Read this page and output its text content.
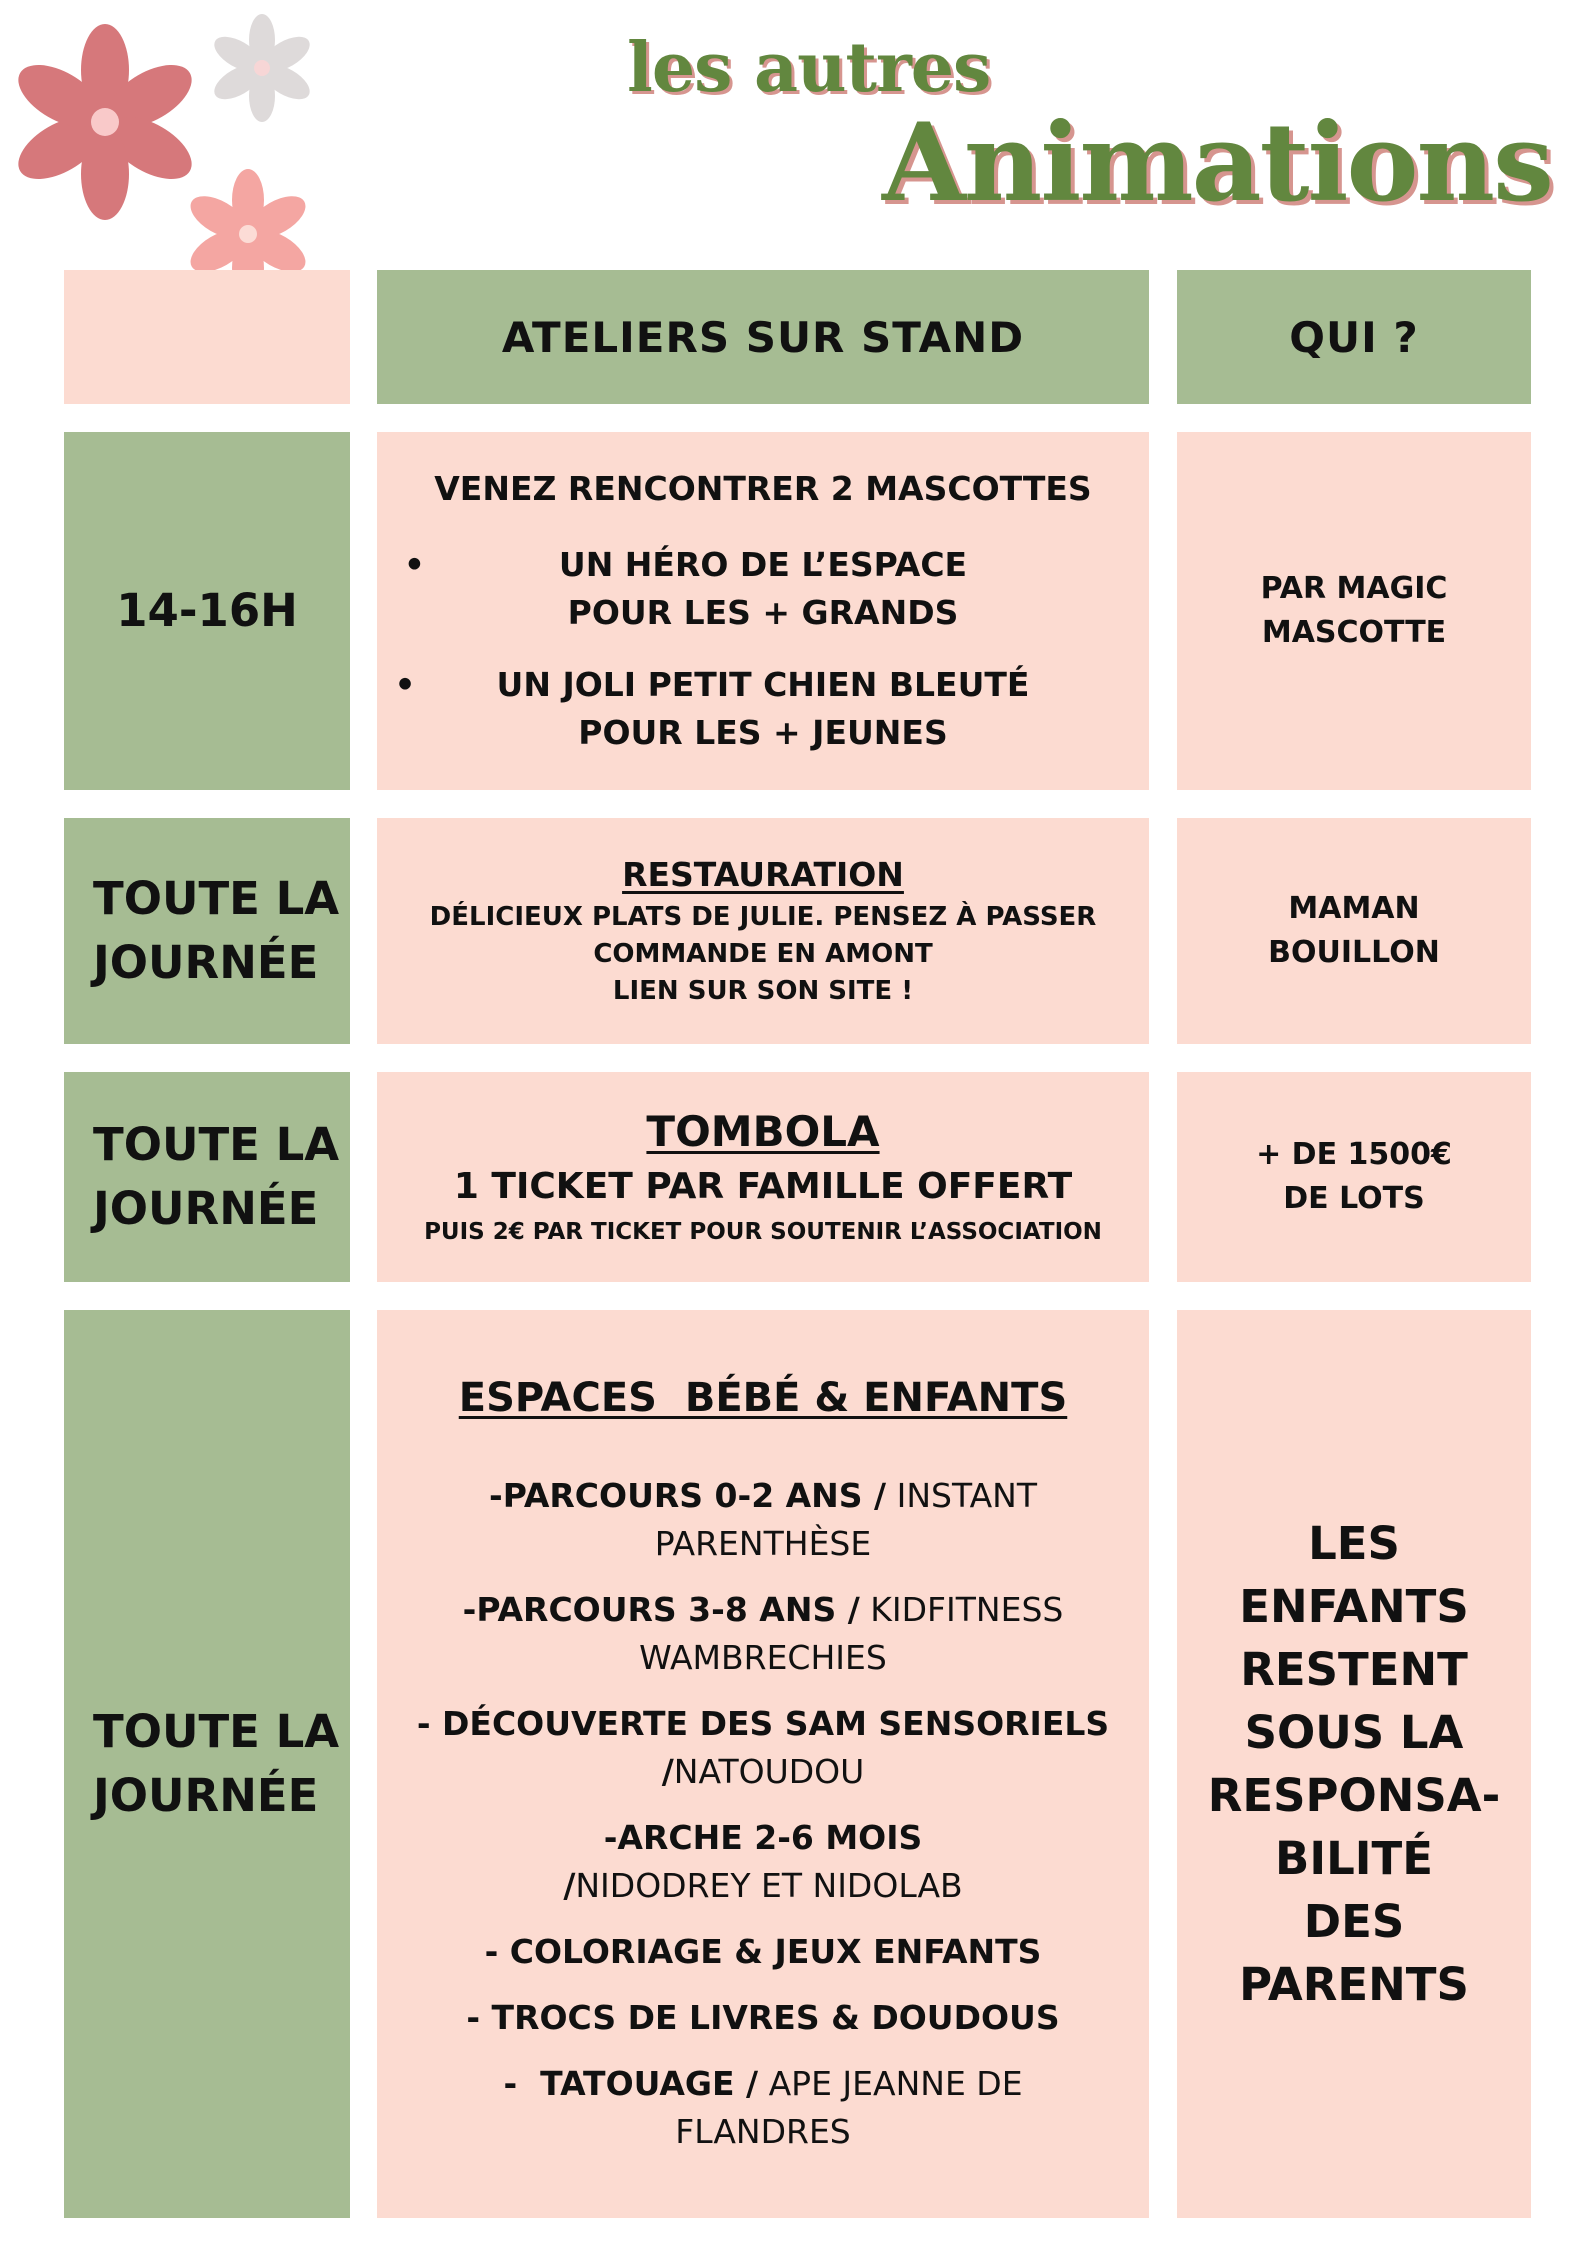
les autres
Animations
ATELIERS SUR STAND	QUI ?
14-16H
VENEZ RENCONTRER 2 MASCOTTES
•	UN HÉRO DE L’ESPACE
POUR LES + GRANDS
• UN JOLI PETIT CHIEN BLEUTÉ
POUR LES + JEUNES
PAR MAGIC
MASCOTTE
TOUTE LA
JOURNÉE
RESTAURATION
DÉLICIEUX PLATS DE JULIE. PENSEZ À PASSER
COMMANDE EN AMONT
LIEN SUR SON SITE !
MAMAN
BOUILLON
TOUTE LA
JOURNÉE
TOMBOLA
1 TICKET PAR FAMILLE OFFERT
PUIS 2€ PAR TICKET POUR SOUTENIR L’ASSOCIATION
+ DE 1500€
DE LOTS
TOUTE LA
JOURNÉE
ESPACES  BÉBÉ & ENFANTS
-PARCOURS 0-2 ANS / INSTANT
PARENTHÈSE
-PARCOURS 3-8 ANS / KIDFITNESS
WAMBRECHIES
- DÉCOUVERTE DES SAM SENSORIELS
/NATOUDOU
-ARCHE 2-6 MOIS
/NIDODREY ET NIDOLAB
- COLORIAGE & JEUX ENFANTS
- TROCS DE LIVRES & DOUDOUS
-  TATOUAGE / APE JEANNE DE
FLANDRES
LES
ENFANTS
RESTENT
SOUS LA
RESPONSA-
BILITÉ
DES
PARENTS
